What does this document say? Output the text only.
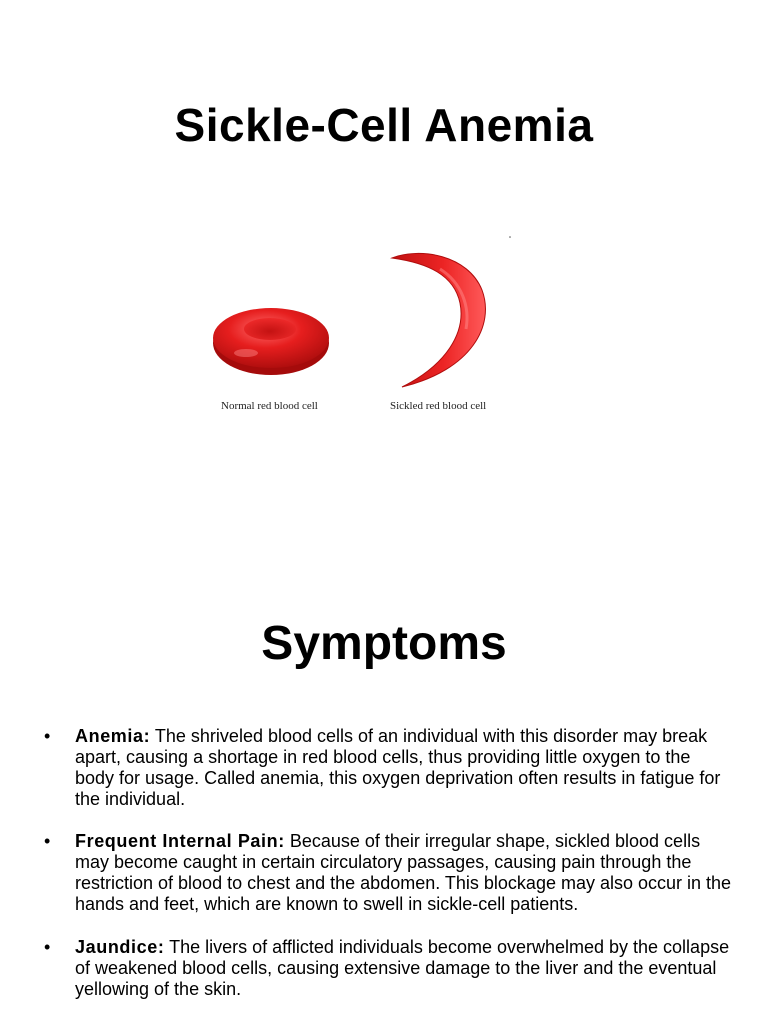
Sickle-Cell Anemia
Normal red blood cell	Sickled red blood cell
Symptoms
• Anemia: The shriveled blood cells of an individual with this disorder may break apart, causing a shortage in red blood cells, thus providing little oxygen to the body for usage. Called anemia, this oxygen deprivation often results in fatigue for the individual.
• Frequent Internal Pain: Because of their irregular shape, sickled blood cells may become caught in certain circulatory passages, causing pain through the restriction of blood to chest and the abdomen. This blockage may also occur in the hands and feet, which are known to swell in sickle-cell patients.
• Jaundice: The livers of afflicted individuals become overwhelmed by the collapse of weakened blood cells, causing extensive damage to the liver and the eventual yellowing of the skin.
